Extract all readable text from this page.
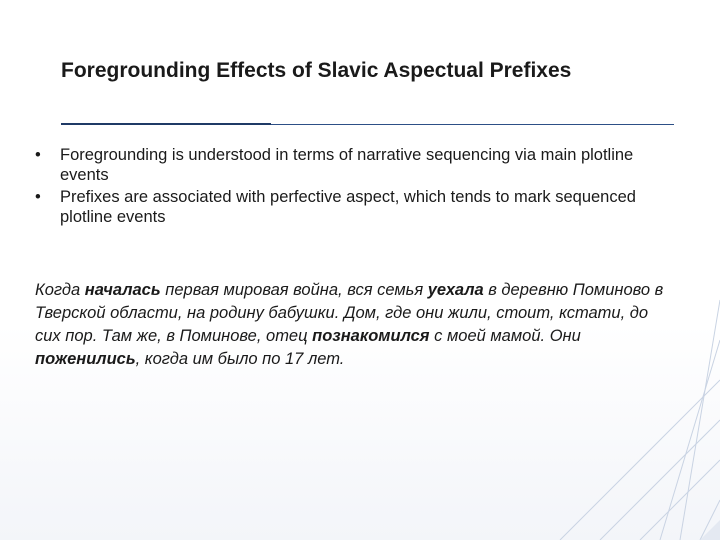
Foregrounding Effects of Slavic Aspectual Prefixes
•	Foregrounding is understood in terms of narrative sequencing via main plotline events
•	Prefixes are associated with perfective aspect, which tends to mark sequenced plotline events

Когда началась первая мировая война, вся семья уехала в деревню Поминово в Тверской области, на родину бабушки. Дом, где они жили, стоит, кстати, до сих пор. Там же, в Поминове, отец познакомился с моей мамой. Они поженились, когда им было по 17 лет.
